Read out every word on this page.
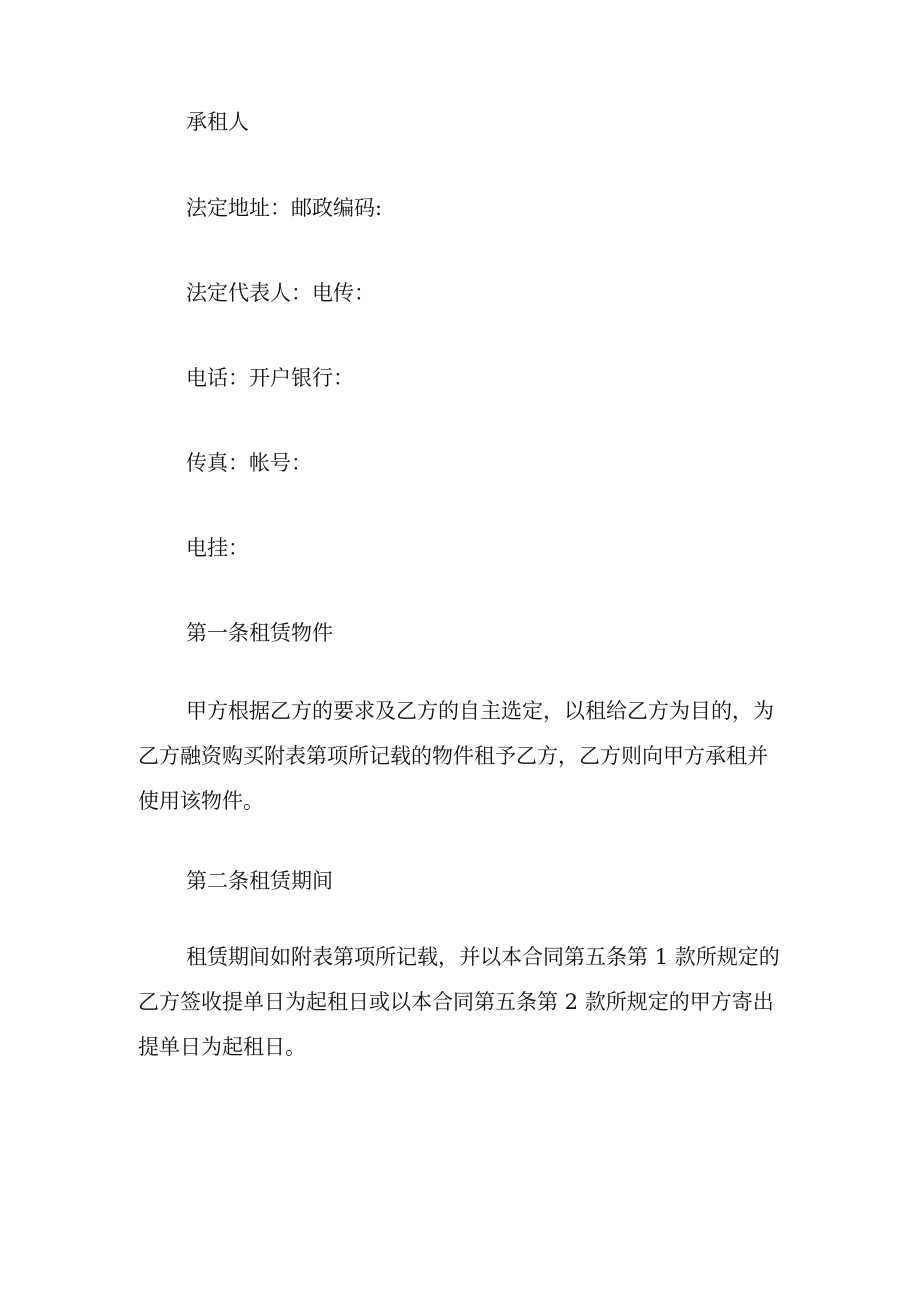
承租人
法定地址：邮政编码:
法定代表人：电传：
电话：开户银行：
传真：帐号：
电挂：
第一条租赁物件
甲方根据乙方的要求及乙方的自主选定，以租给乙方为目的，为
乙方融资购买附表第项所记载的物件租予乙方，乙方则向甲方承租并
使用该物件。
第二条租赁期间
租赁期间如附表第项所记载，并以本合同第五条第 1 款所规定的
乙方签收提单日为起租日或以本合同第五条第 2 款所规定的甲方寄出
提单日为起租日。
